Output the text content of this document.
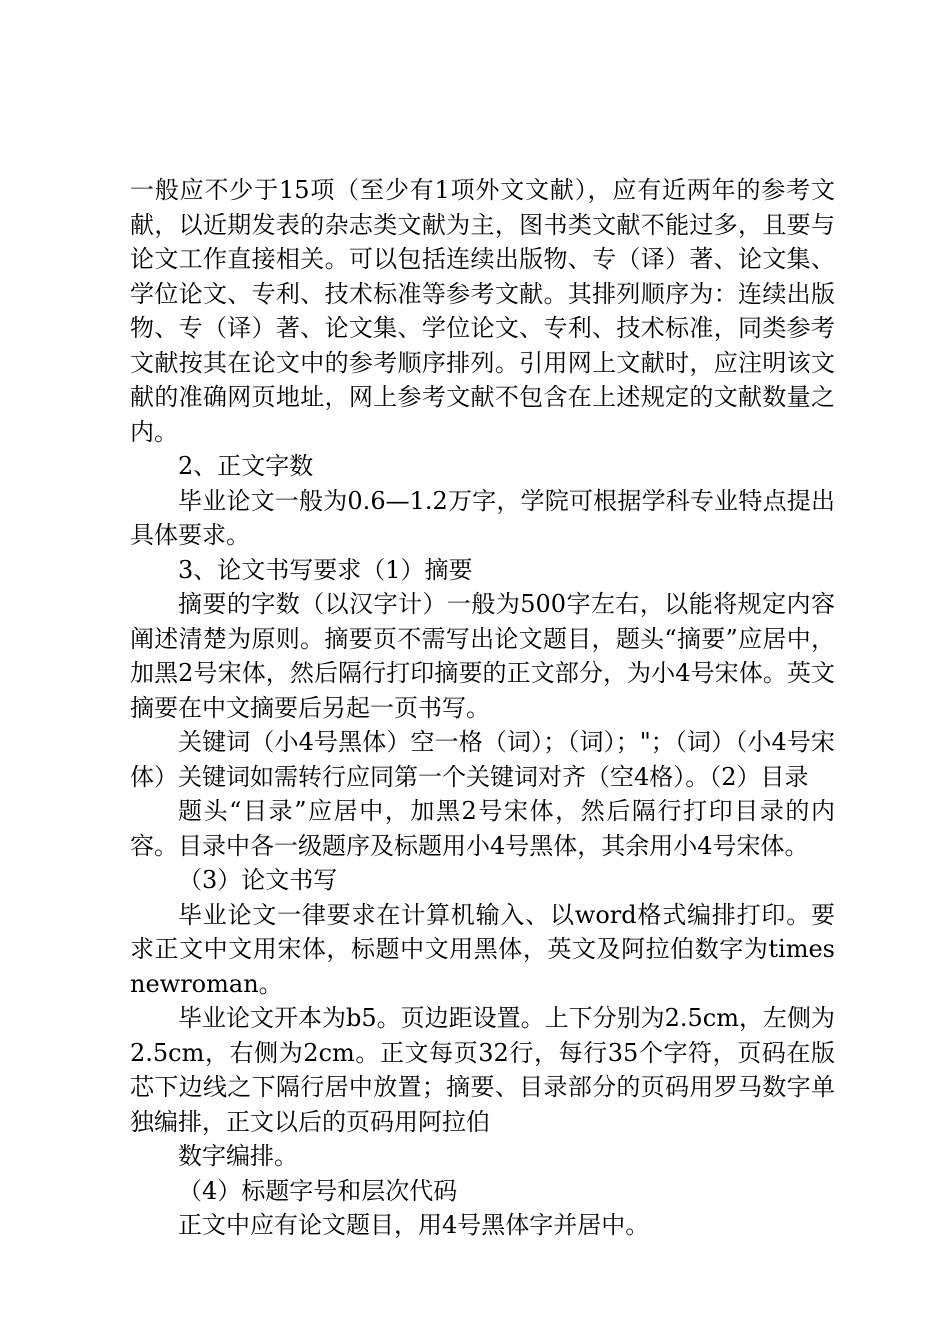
一般应不少于15项（至少有1项外文文献），应有近两年的参考文献，以近期发表的杂志类文献为主，图书类文献不能过多，且要与论文工作直接相关。可以包括连续出版物、专（译）著、论文集、学位论文、专利、技术标准等参考文献。其排列顺序为：连续出版物、专（译）著、论文集、学位论文、专利、技术标准，同类参考文献按其在论文中的参考顺序排列。引用网上文献时，应注明该文献的准确网页地址，网上参考文献不包含在上述规定的文献数量之内。

2、正文字数

毕业论文一般为0.6—1.2万字，学院可根据学科专业特点提出具体要求。

3、论文书写要求（1）摘要

摘要的字数（以汉字计）一般为500字左右，以能将规定内容阐述清楚为原则。摘要页不需写出论文题目，题头“摘要”应居中，加黑2号宋体，然后隔行打印摘要的正文部分，为小4号宋体。英文摘要在中文摘要后另起一页书写。

关键词（小4号黑体）空一格（词）；（词）；"；（词）（小4号宋体）关键词如需转行应同第一个关键词对齐（空4格）。（2）目录

题头“目录”应居中，加黑2号宋体，然后隔行打印目录的内容。目录中各一级题序及标题用小4号黑体，其余用小4号宋体。

（3）论文书写

毕业论文一律要求在计算机输入、以word格式编排打印。要求正文中文用宋体，标题中文用黑体，英文及阿拉伯数字为timesnewroman。

毕业论文开本为b5。页边距设置。上下分别为2.5cm，左侧为2.5cm，右侧为2cm。正文每页32行，每行35个字符，页码在版芯下边线之下隔行居中放置；摘要、目录部分的页码用罗马数字单独编排，正文以后的页码用阿拉伯

数字编排。

（4）标题字号和层次代码

正文中应有论文题目，用4号黑体字并居中。
